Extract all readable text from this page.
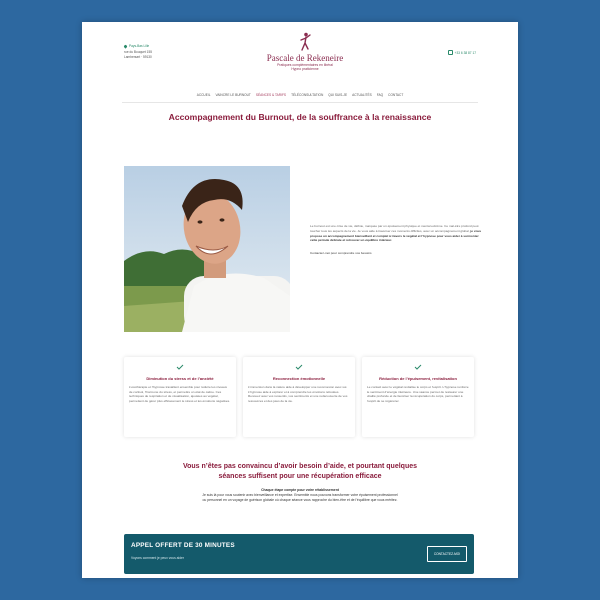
Pays-Bas Lille
rue du Bouquet 155
Lambersart · 59130	Pascale de Rekeneire
Pratiques complémentaires en libéral
Hypno praticienne
+33 6 38 87 17
ACCUEIL VAINCRE LE BURNOUT SÉANCES & TARIFS TÉLÉCONSULTATION QUI SUIS-JE ACTUALITÉS FAQ CONTACT
Accompagnement du Burnout, de la souffrance à la renaissance
Le burnout est une crise de vie, définie, marquée par un épuisement physique et mental extrême. Ce mal-être profond peut toucher tous les aspects de la vie. Je vous aide à traverser ces moments difficiles, avec un accompagnement global, je vous propose un accompagnement bienveillant et complet à travers le végétal et l’hypnose pour vous aider à surmonter cette période délicate et retrouver un équilibre intérieur.
Contactez-moi pour comprendre vos besoins
Diminution du stress et de l’anxiété
L’écothérapie et l’hypnose travaillent ensemble pour réduire les niveaux de cortisol, l’hormone du stress, et permettre un état de calme. Ces techniques de respiration et de visualisation, ajoutées au végétal, permettent de gérer plus efficacement le stress et les émotions négatives.
Reconnection émotionnelle
L’immersion dans la nature aide à développer une reconnexion avec soi. L’hypnose aide à explorer et à comprendre les émotions refoulées. Renouez avec vos ressentis, vos sentiments et une redécouverte de vos ressources et des joies de la vie.
Réduction de l’épuisement, revitalisation
Le contact avec le végétal revitalise le corps et l’esprit. L’hypnose renforce le sentiment d’énergie intérieure. Une séance permet de restaurer une vitalité profonde et de favoriser la récupération du corps, permettant à l’esprit de se régénérer.
Vous n’êtes pas convaincu d’avoir besoin d’aide, et pourtant quelques séances suffisent pour une récupération efficace
Chaque étape compte pour votre rétablissement
Je suis là pour vous soutenir avec bienveillance et expertise. Ensemble nous pouvons transformer votre épuisement professionnel
ou personnel en un voyage de guérison globale où chaque séance vous rapproche du bien-être et de l’équilibre que vous méritez.
APPEL OFFERT DE 30 MINUTES
Voyons comment je peux vous aider
CONTACTEZ-MOI
